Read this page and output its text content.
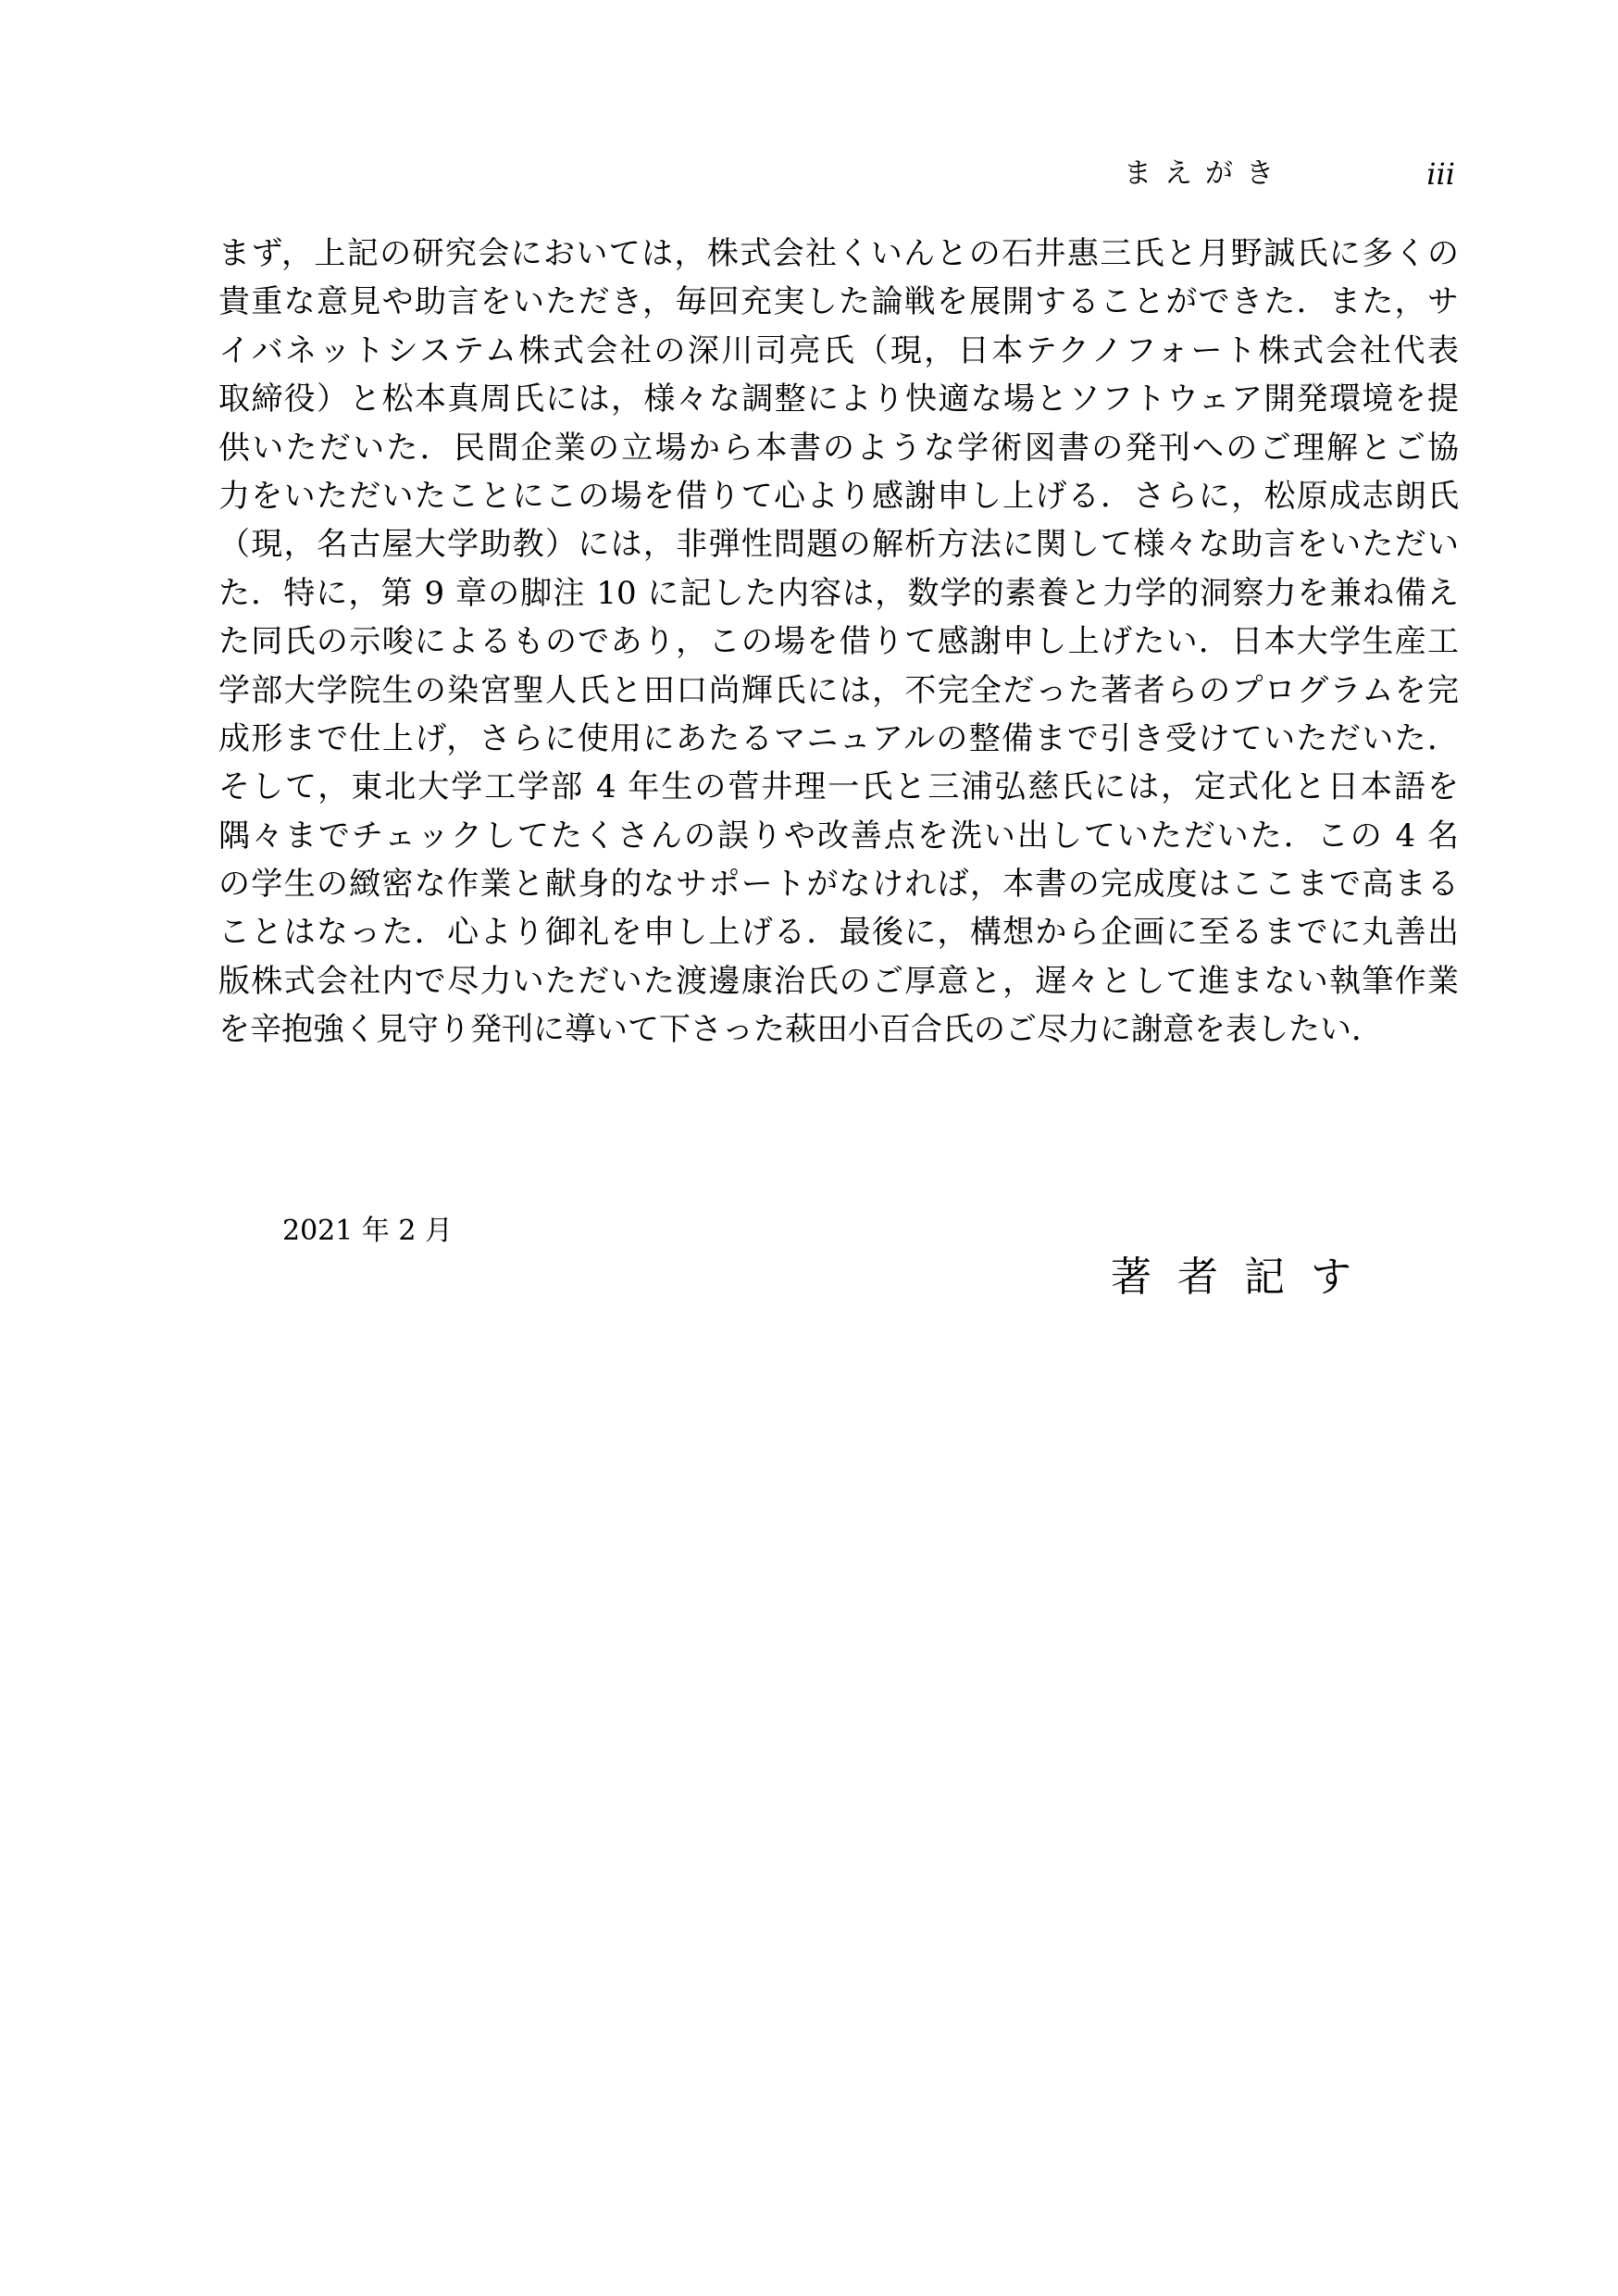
まえがき	iii
まず，上記の研究会においては，株式会社くいんとの石井惠三氏と月野誠氏に多くの
貴重な意見や助言をいただき，毎回充実した論戦を展開することができた．また，サ
イバネットシステム株式会社の深川司亮氏（現，日本テクノフォート株式会社代表
取締役）と松本真周氏には，様々な調整により快適な場とソフトウェア開発環境を提
供いただいた．民間企業の立場から本書のような学術図書の発刊へのご理解とご協
力をいただいたことにこの場を借りて心より感謝申し上げる．さらに，松原成志朗氏
（現，名古屋大学助教）には，非弾性問題の解析方法に関して様々な助言をいただい
た．特に，第 9 章の脚注 10 に記した内容は，数学的素養と力学的洞察力を兼ね備え
た同氏の示唆によるものであり，この場を借りて感謝申し上げたい．日本大学生産工
学部大学院生の染宮聖人氏と田口尚輝氏には，不完全だった著者らのプログラムを完
成形まで仕上げ，さらに使用にあたるマニュアルの整備まで引き受けていただいた．
そして，東北大学工学部 4 年生の菅井理一氏と三浦弘慈氏には，定式化と日本語を
隅々までチェックしてたくさんの誤りや改善点を洗い出していただいた．この 4 名
の学生の緻密な作業と献身的なサポートがなければ，本書の完成度はここまで高まる
ことはなった．心より御礼を申し上げる．最後に，構想から企画に至るまでに丸善出
版株式会社内で尽力いただいた渡邊康治氏のご厚意と，遅々として進まない執筆作業
を辛抱強く見守り発刊に導いて下さった萩田小百合氏のご尽力に謝意を表したい．
2021 年 2 月
著者記す
